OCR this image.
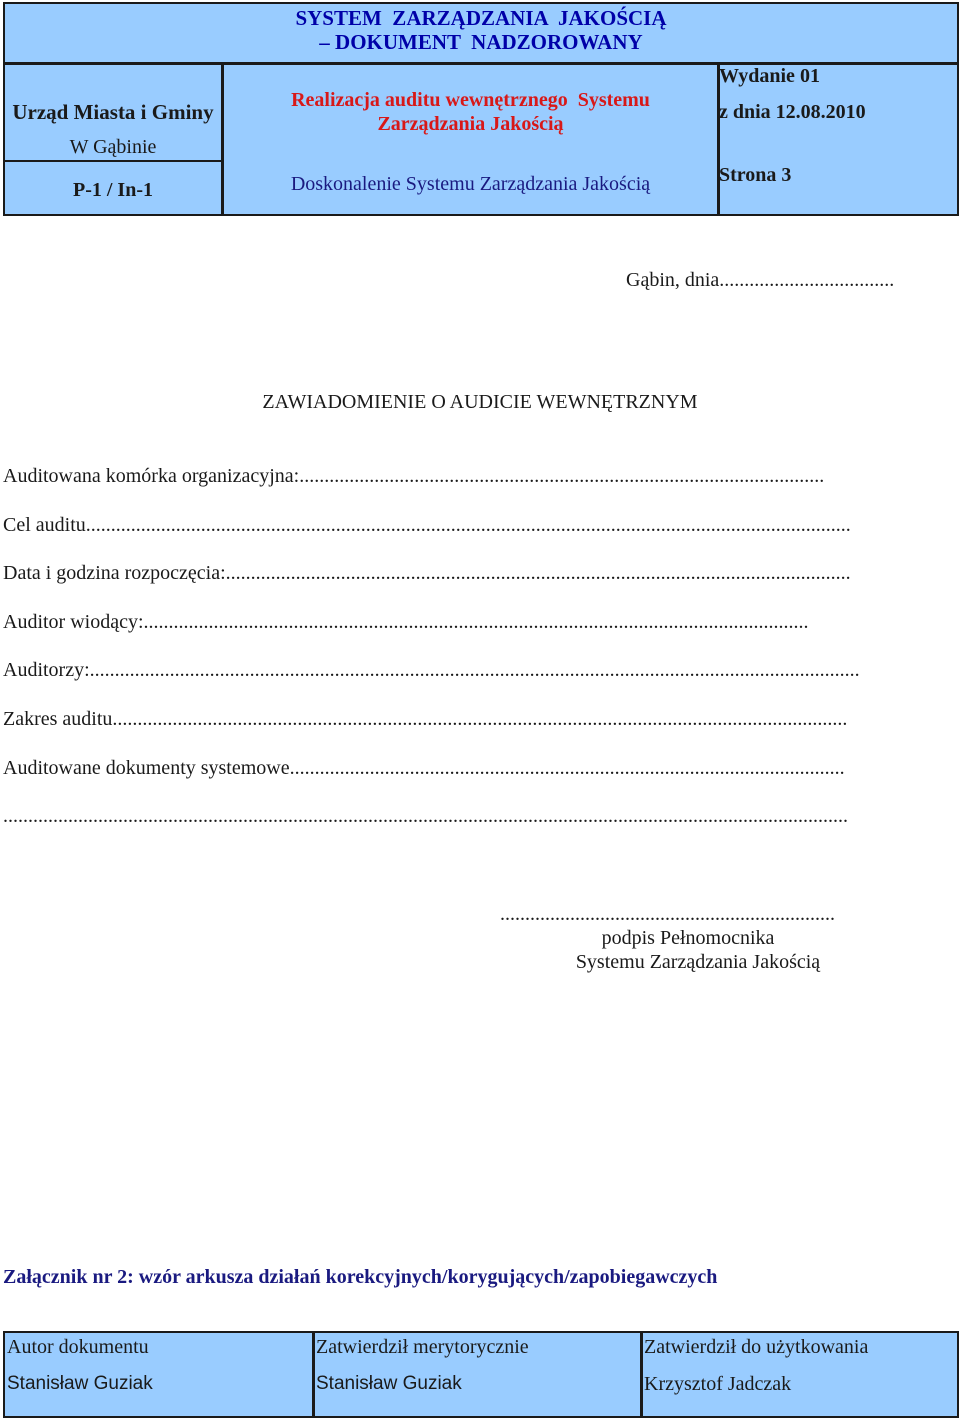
SYSTEM  ZARZĄDZANIA  JAKOŚCIĄ
– DOKUMENT  NADZOROWANY
Urząd Miasta i Gminy
W Gąbinie
P-1 / In-1
Realizacja auditu wewnętrznego  Systemu
Zarządzania Jakością
Doskonalenie Systemu Zarządzania Jakością
Wydanie 01
z dnia 12.08.2010
Strona 3
Gąbin, dnia...................................
ZAWIADOMIENIE O AUDICIE WEWNĘTRZNYM
Auditowana komórka organizacyjna:.........................................................................................................
Cel auditu.........................................................................................................................................................
Data i godzina rozpoczęcia:.............................................................................................................................
Auditor wiodący:.....................................................................................................................................
Auditorzy:..........................................................................................................................................................
Zakres auditu...................................................................................................................................................
Auditowane dokumenty systemowe...............................................................................................................
.........................................................................................................................................................................
...................................................................
podpis Pełnomocnika
Systemu Zarządzania Jakością
Załącznik nr 2: wzór arkusza działań korekcyjnych/korygujących/zapobiegawczych
Autor dokumentu
Stanisław Guziak
Zatwierdził merytorycznie
Stanisław Guziak
Zatwierdził do użytkowania
Krzysztof Jadczak
